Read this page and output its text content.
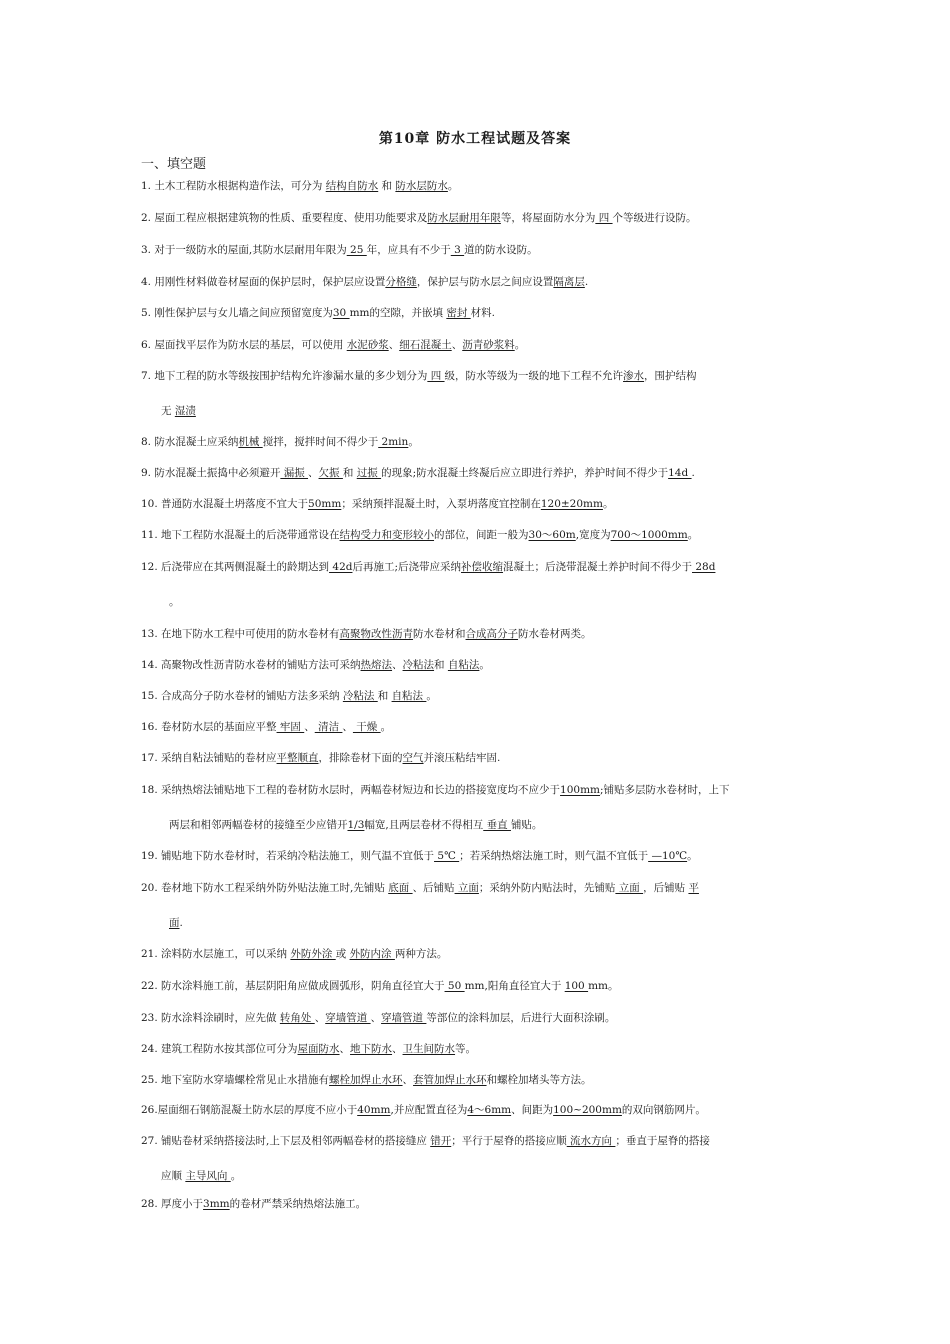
第10章 防水工程试题及答案
一、填空题
1. 土木工程防水根据构造作法，可分为 结构自防水 和 防水层防水。
2. 屋面工程应根据建筑物的性质、重要程度、使用功能要求及防水层耐用年限等，将屋面防水分为 四 个等级进行设防。
3. 对于一级防水的屋面,其防水层耐用年限为 25 年，应具有不少于 3 道的防水设防。
4. 用刚性材料做卷材屋面的保护层时，保护层应设置分格缝，保护层与防水层之间应设置隔离层.
5. 刚性保护层与女儿墙之间应预留宽度为30 mm的空隙，并嵌填 密封 材料.
6. 屋面找平层作为防水层的基层，可以使用 水泥砂浆、细石混凝土、沥青砂浆料。
7. 地下工程的防水等级按围护结构允许渗漏水量的多少划分为 四 级，防水等级为一级的地下工程不允许渗水，围护结构
无 湿渍
8. 防水混凝土应采纳机械 搅拌，搅拌时间不得少于 2min。
9. 防水混凝土振捣中必须避开 漏振 、欠振 和 过振 的现象;防水混凝土终凝后应立即进行养护，养护时间不得少于14d .
10. 普通防水混凝土坍落度不宜大于50mm；采纳预拌混凝土时，入泵坍落度宜控制在120±20mm。
11. 地下工程防水混凝土的后浇带通常设在结构受力和变形较小的部位，间距一般为30～60m,宽度为700～1000mm。
12. 后浇带应在其两侧混凝土的龄期达到 42d后再施工;后浇带应采纳补偿收缩混凝土；后浇带混凝土养护时间不得少于 28d
。
13. 在地下防水工程中可使用的防水卷材有高聚物改性沥青防水卷材和合成高分子防水卷材两类。
14. 高聚物改性沥青防水卷材的铺贴方法可采纳热熔法、冷粘法和 自粘法。
15. 合成高分子防水卷材的铺贴方法多采纳 冷粘法 和 自粘法 。
16. 卷材防水层的基面应平整 牢固 、 清洁 、 干燥 。
17. 采纳自粘法铺贴的卷材应平整顺直，排除卷材下面的空气并滚压粘结牢固.
18. 采纳热熔法铺贴地下工程的卷材防水层时，两幅卷材短边和长边的搭接宽度均不应少于100mm;铺贴多层防水卷材时，上下
两层和相邻两幅卷材的接缝至少应错开1/3幅宽,且两层卷材不得相互 垂直 铺贴。
19. 铺贴地下防水卷材时，若采纳冷粘法施工，则气温不宜低于 5℃ ；若采纳热熔法施工时，则气温不宜低于 —10℃。
20. 卷材地下防水工程采纳外防外贴法施工时,先铺贴 底面 、后铺贴 立面；采纳外防内贴法时，先铺贴 立面 ，后铺贴 平
面.
21. 涂料防水层施工，可以采纳 外防外涂 或 外防内涂 两种方法。
22. 防水涂料施工前，基层阴阳角应做成圆弧形，阴角直径宜大于 50 mm,阳角直径宜大于 100 mm。
23. 防水涂料涂刷时，应先做 转角处 、穿墙管道 、穿墙管道 等部位的涂料加层，后进行大面积涂刷。
24. 建筑工程防水按其部位可分为屋面防水、地下防水、卫生间防水等。
25. 地下室防水穿墙螺栓常见止水措施有螺栓加焊止水环、套管加焊止水环和螺栓加堵头等方法。
26.屋面细石钢筋混凝土防水层的厚度不应小于40mm,并应配置直径为4～6mm、间距为100~200mm的双向钢筋网片。
27. 铺贴卷材采纳搭接法时,上下层及相邻两幅卷材的搭接缝应 错开；平行于屋脊的搭接应顺 流水方向 ；垂直于屋脊的搭接
应顺 主导风向 。
28. 厚度小于3mm的卷材严禁采纳热熔法施工。
